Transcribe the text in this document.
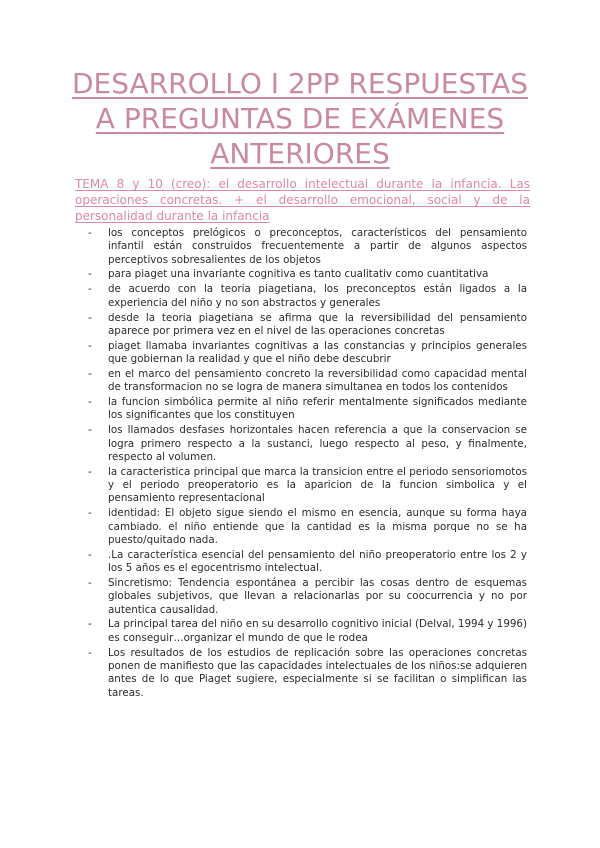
DESARROLLO I 2PP RESPUESTAS
A PREGUNTAS DE EXÁMENES
ANTERIORES
TEMA 8 y 10 (creo): el desarrollo intelectual durante la infancia. Las operaciones concretas. + el desarrollo emocional, social y de la personalidad durante la infancia
- los conceptos prelógicos o preconceptos, característicos del pensamiento infantil están construidos frecuentemente a partir de algunos aspectos perceptivos sobresalientes de los objetos
- para piaget una invariante cognitiva es tanto cualitativ como cuantitativa
- de acuerdo con la teoria piagetiana, los preconceptos están ligados a la experiencia del niño y no son abstractos y generales
- desde la teoria piagetiana se afirma que la reversibilidad del pensamiento aparece por primera vez en el nivel de las operaciones concretas
- piaget llamaba invariantes cognitivas a las constancias y principios generales que gobiernan la realidad y que el niño debe descubrir
- en el marco del pensamiento concreto la reversibilidad como capacidad mental de transformacion no se logra de manera simultanea en todos los contenidos
- la funcion simbólica permite al niño referir mentalmente significados mediante los significantes que los constituyen
- los llamados desfases horizontales hacen referencia a que la conservacion se logra primero respecto a la sustanci, luego respecto al peso, y finalmente, respecto al volumen.
- la caracteristica principal que marca la transicion entre el periodo sensoriomotos y el periodo preoperatorio es la aparicion de la funcion simbolica y el pensamiento representacional
- identidad: El objeto sigue siendo el mismo en esencia, aunque su forma haya cambiado. el niño entiende que la cantidad es la misma porque no se ha puesto/quitado nada.
- .La característica esencial del pensamiento del niño preoperatorio entre los 2 y los 5 años es el egocentrismo intelectual.
- Sincretismo: Tendencia espontánea a percibir las cosas dentro de esquemas globales subjetivos, que llevan a relacionarlas por su coocurrencia y no por autentica causalidad.
- La principal tarea del niño en su desarrollo cognitivo inicial (Delval, 1994 y 1996) es conseguir…organizar el mundo de que le rodea
- Los resultados de los estudios de replicación sobre las operaciones concretas ponen de manifiesto que las capacidades intelectuales de los niños:se adquieren antes de lo que Piaget sugiere, especialmente si se facilitan o simplifican las tareas.
